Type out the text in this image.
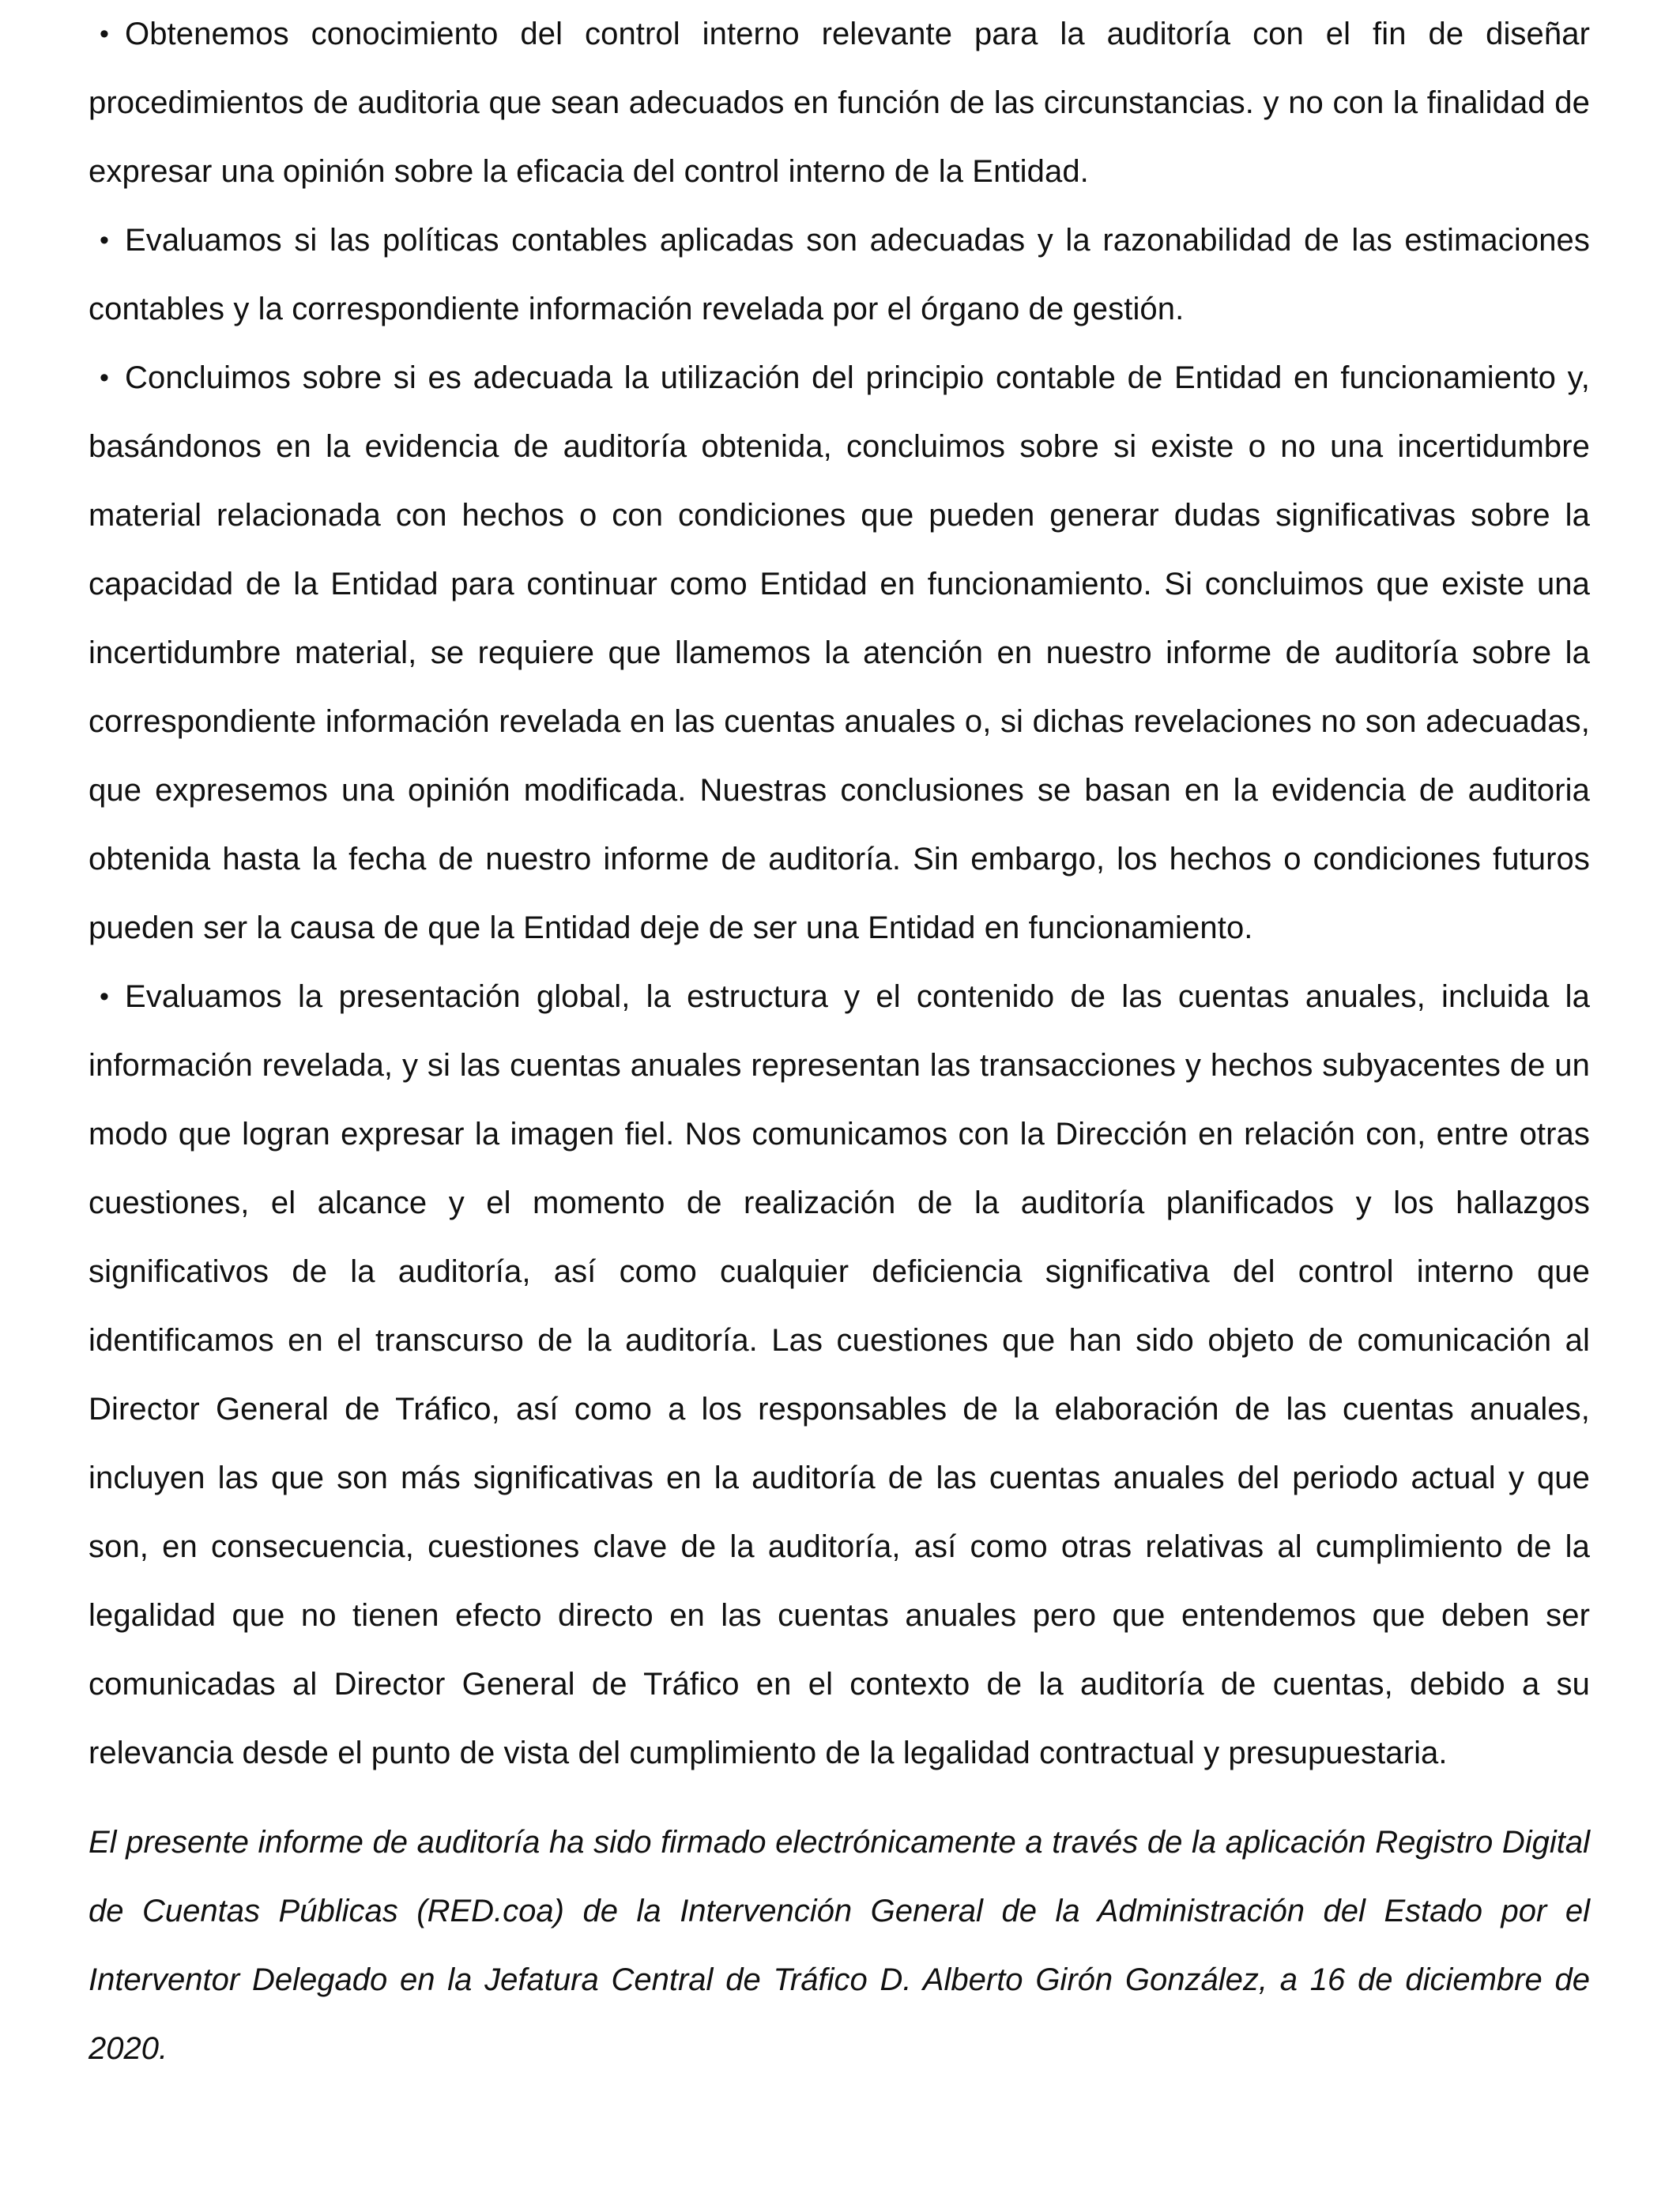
• Obtenemos conocimiento del control interno relevante para la auditoría con el fin de diseñar procedimientos de auditoria que sean adecuados en función de las circunstancias. y no con la finalidad de expresar una opinión sobre la eficacia del control interno de la Entidad.

• Evaluamos si las políticas contables aplicadas son adecuadas y la razonabilidad de las estimaciones contables y la correspondiente información revelada por el órgano de gestión.

• Concluimos sobre si es adecuada la utilización del principio contable de Entidad en funcionamiento y, basándonos en la evidencia de auditoría obtenida, concluimos sobre si existe o no una incertidumbre material relacionada con hechos o con condiciones que pueden generar dudas significativas sobre la capacidad de la Entidad para continuar como Entidad en funcionamiento. Si concluimos que existe una incertidumbre material, se requiere que llamemos la atención en nuestro informe de auditoría sobre la correspondiente información revelada en las cuentas anuales o, si dichas revelaciones no son adecuadas, que expresemos una opinión modificada. Nuestras conclusiones se basan en la evidencia de auditoria obtenida hasta la fecha de nuestro informe de auditoría. Sin embargo, los hechos o condiciones futuros pueden ser la causa de que la Entidad deje de ser una Entidad en funcionamiento.

• Evaluamos la presentación global, la estructura y el contenido de las cuentas anuales, incluida la información revelada, y si las cuentas anuales representan las transacciones y hechos subyacentes de un modo que logran expresar la imagen fiel. Nos comunicamos con la Dirección en relación con, entre otras cuestiones, el alcance y el momento de realización de la auditoría planificados y los hallazgos significativos de la auditoría, así como cualquier deficiencia significativa del control interno que identificamos en el transcurso de la auditoría. Las cuestiones que han sido objeto de comunicación al Director General de Tráfico, así como a los responsables de la elaboración de las cuentas anuales, incluyen las que son más significativas en la auditoría de las cuentas anuales del periodo actual y que son, en consecuencia, cuestiones clave de la auditoría, así como otras relativas al cumplimiento de la legalidad que no tienen efecto directo en las cuentas anuales pero que entendemos que deben ser comunicadas al Director General de Tráfico en el contexto de la auditoría de cuentas, debido a su relevancia desde el punto de vista del cumplimiento de la legalidad contractual y presupuestaria.

El presente informe de auditoría ha sido firmado electrónicamente a través de la aplicación Registro Digital de Cuentas Públicas (RED.coa) de la Intervención General de la Administración del Estado por el Interventor Delegado en la Jefatura Central de Tráfico D. Alberto Girón González, a 16 de diciembre de 2020.
